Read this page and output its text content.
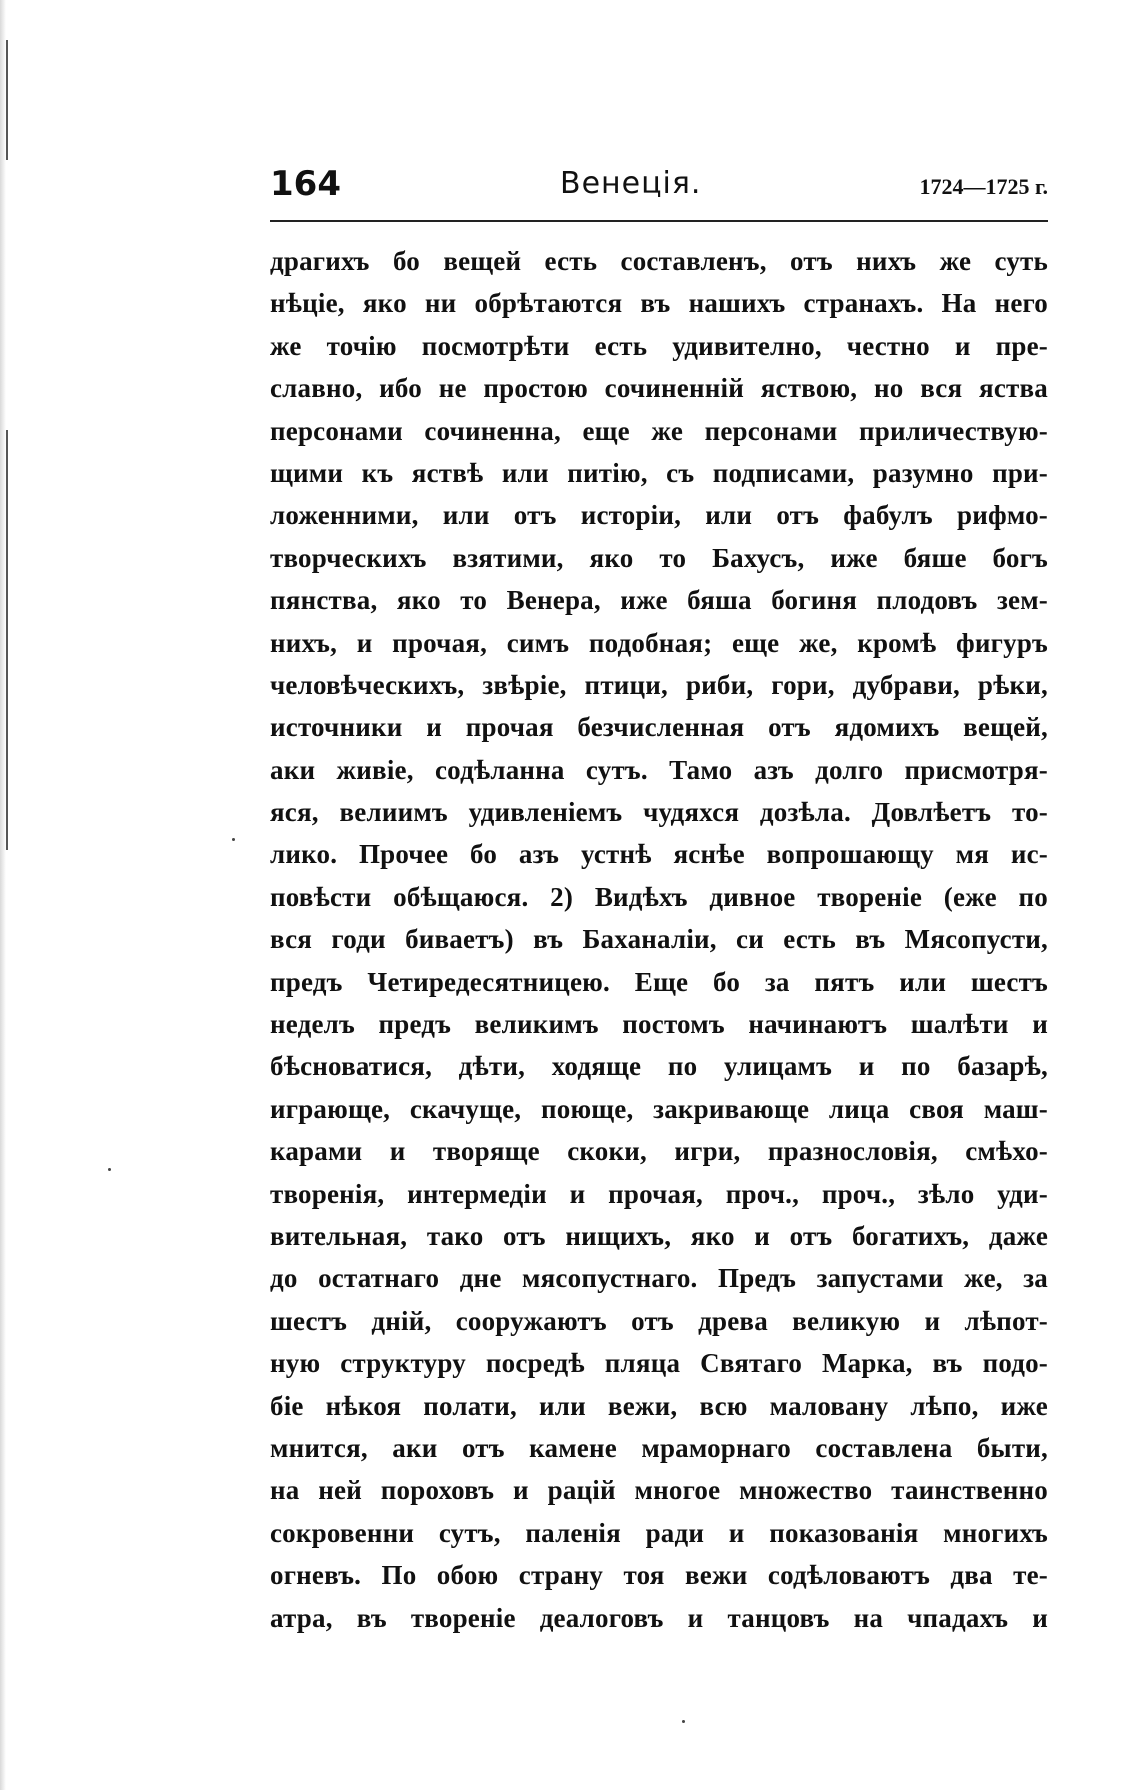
164	Венеція.	1724—1725 г.
драгихъ бо вещей есть составленъ, отъ нихъ же суть
нѣціе, яко ни обрѣтаются въ нашихъ странахъ. На него
же точію посмотрѣти есть удивително, честно и пре-
славно, ибо не простою сочиненній яствою, но вся яства
персонами сочиненна, еще же персонами приличествую-
щими къ яствѣ или питію, съ подписами, разумно при-
ложенними, или отъ исторіи, или отъ фабулъ рифмо-
творческихъ взятими, яко то Бахусъ, иже бяше богъ
пянства, яко то Венера, иже бяша богиня плодовъ зем-
нихъ, и прочая, симъ подобная; еще же, кромѣ фигуръ
человѣческихъ, звѣріе, птици, риби, гори, дубрави, рѣки,
источники и прочая безчисленная отъ ядомихъ вещей,
аки живіе, содѣланна сутъ. Тамо азъ долго присмотря-
яся, велиимъ удивленіемъ чудяхся дозѣла. Довлѣетъ то-
лико. Прочее бо азъ устнѣ яснѣе вопрошающу мя ис-
повѣсти обѣщаюся. 2) Видѣхъ дивное твореніе (еже по
вся годи биваетъ) въ Баханаліи, си есть въ Мясопусти,
предъ Четиредесятницею. Еще бо за пятъ или шестъ
неделъ предъ великимъ постомъ начинаютъ шалѣти и
бѣсноватися, дѣти, ходяще по улицамъ и по базарѣ,
играюще, скачуще, поюще, закривающе лица своя маш-
карами и творяще скоки, игри, празнословія, смѣхо-
творенія, интермедіи и прочая, проч., проч., зѣло уди-
вительная, тако отъ нищихъ, яко и отъ богатихъ, даже
до остатнаго дне мясопустнаго. Предъ запустами же, за
шестъ дній, сооружаютъ отъ древа великую и лѣпот-
ную структуру посредѣ пляца Святаго Марка, въ подо-
біе нѣкоя полати, или вежи, всю маловану лѣпо, иже
мнится, аки отъ камене мраморнаго составлена быти,
на ней пороховъ и рацій многое множество таинственно
сокровенни сутъ, паленія ради и показованія многихъ
огневъ. По обою страну тоя вежи содѣловаютъ два те-
атра, въ твореніе деалоговъ и танцовъ на чпадахъ и
